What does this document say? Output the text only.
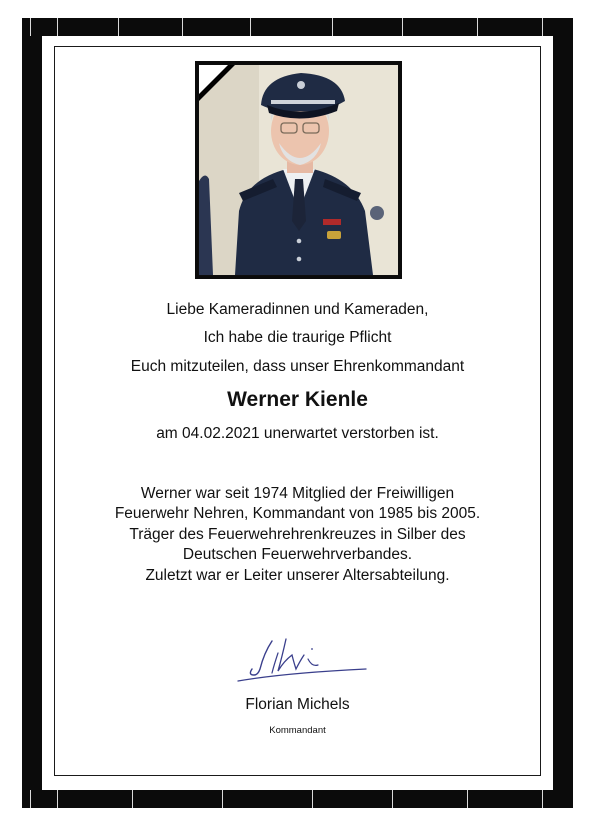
Liebe Kameradinnen und Kameraden,
Ich habe die traurige Pflicht
Euch mitzuteilen, dass unser Ehrenkommandant
Werner Kienle
am 04.02.2021 unerwartet verstorben ist.
Werner war seit 1974 Mitglied der Freiwilligen
Feuerwehr Nehren, Kommandant von 1985 bis 2005.
Träger des Feuerwehrehrenkreuzes in Silber des
Deutschen Feuerwehrverbandes.
Zuletzt war er Leiter unserer Altersabteilung.
Florian Michels
Kommandant
